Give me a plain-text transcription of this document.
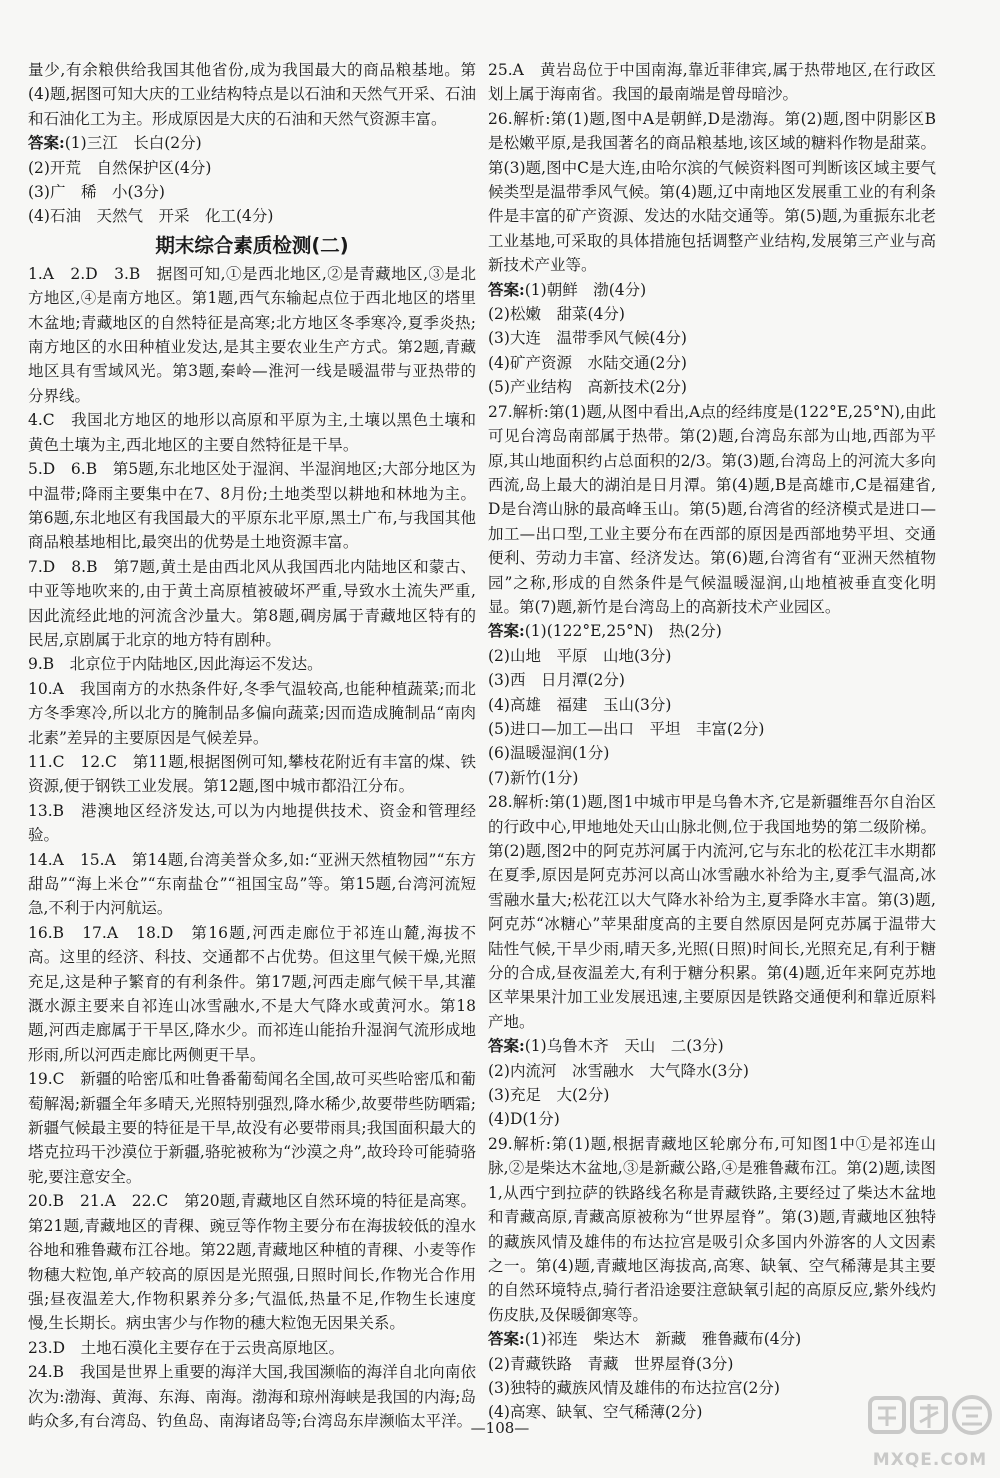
量少,有余粮供给我国其他省份,成为我国最大的商品粮基地。第(4)题,据图可知大庆的工业结构特点是以石油和天然气开采、石油和石油化工为主。形成原因是大庆的石油和天然气资源丰富。

答案:(1)三江　长白(2分)

(2)开荒　自然保护区(4分)

(3)广　稀　小(3分)

(4)石油　天然气　开采　化工(4分)

期末综合素质检测(二)

1.A　2.D　3.B　据图可知,①是西北地区,②是青藏地区,③是北方地区,④是南方地区。第1题,西气东输起点位于西北地区的塔里木盆地;青藏地区的自然特征是高寒;北方地区冬季寒冷,夏季炎热;南方地区的水田种植业发达,是其主要农业生产方式。第2题,青藏地区具有雪域风光。第3题,秦岭—淮河一线是暖温带与亚热带的分界线。

4.C　我国北方地区的地形以高原和平原为主,土壤以黑色土壤和黄色土壤为主,西北地区的主要自然特征是干旱。

5.D　6.B　第5题,东北地区处于湿润、半湿润地区;大部分地区为中温带;降雨主要集中在7、8月份;土地类型以耕地和林地为主。第6题,东北地区有我国最大的平原东北平原,黑土广布,与我国其他商品粮基地相比,最突出的优势是土地资源丰富。

7.D　8.B　第7题,黄土是由西北风从我国西北内陆地区和蒙古、中亚等地吹来的,由于黄土高原植被破坏严重,导致水土流失严重,因此流经此地的河流含沙量大。第8题,碉房属于青藏地区特有的民居,京剧属于北京的地方特有剧种。

9.B　北京位于内陆地区,因此海运不发达。

10.A　我国南方的水热条件好,冬季气温较高,也能种植蔬菜;而北方冬季寒冷,所以北方的腌制品多偏向蔬菜;因而造成腌制品“南肉北素”差异的主要原因是气候差异。

11.C　12.C　第11题,根据图例可知,攀枝花附近有丰富的煤、铁资源,便于钢铁工业发展。第12题,图中城市都沿江分布。

13.B　港澳地区经济发达,可以为内地提供技术、资金和管理经验。

14.A　15.A　第14题,台湾美誉众多,如:“亚洲天然植物园”“东方甜岛”“海上米仓”“东南盐仓”“祖国宝岛”等。第15题,台湾河流短急,不利于内河航运。

16.B　17.A　18.D　第16题,河西走廊位于祁连山麓,海拔不高。这里的经济、科技、交通都不占优势。但这里气候干燥,光照充足,这是种子繁育的有利条件。第17题,河西走廊气候干旱,其灌溉水源主要来自祁连山冰雪融水,不是大气降水或黄河水。第18题,河西走廊属于干旱区,降水少。而祁连山能抬升湿润气流形成地形雨,所以河西走廊比两侧更干旱。

19.C　新疆的哈密瓜和吐鲁番葡萄闻名全国,故可买些哈密瓜和葡萄解渴;新疆全年多晴天,光照特别强烈,降水稀少,故要带些防晒霜;新疆气候最主要的特征是干旱,故没有必要带雨具;我国面积最大的塔克拉玛干沙漠位于新疆,骆驼被称为“沙漠之舟”,故玲玲可能骑骆驼,要注意安全。

20.B　21.A　22.C　第20题,青藏地区自然环境的特征是高寒。第21题,青藏地区的青稞、豌豆等作物主要分布在海拔较低的湟水谷地和雅鲁藏布江谷地。第22题,青藏地区种植的青稞、小麦等作物穗大粒饱,单产较高的原因是光照强,日照时间长,作物光合作用强;昼夜温差大,作物积累养分多;气温低,热量不足,作物生长速度慢,生长期长。病虫害少与作物的穗大粒饱无因果关系。

23.D　土地石漠化主要存在于云贵高原地区。

24.B　我国是世界上重要的海洋大国,我国濒临的海洋自北向南依次为:渤海、黄海、东海、南海。渤海和琼州海峡是我国的内海;岛屿众多,有台湾岛、钓鱼岛、南海诸岛等;台湾岛东岸濒临太平洋。

25.A　黄岩岛位于中国南海,靠近菲律宾,属于热带地区,在行政区划上属于海南省。我国的最南端是曾母暗沙。

26.解析:第(1)题,图中A是朝鲜,D是渤海。第(2)题,图中阴影区B是松嫩平原,是我国著名的商品粮基地,该区域的糖料作物是甜菜。第(3)题,图中C是大连,由哈尔滨的气候资料图可判断该区域主要气候类型是温带季风气候。第(4)题,辽中南地区发展重工业的有利条件是丰富的矿产资源、发达的水陆交通等。第(5)题,为重振东北老工业基地,可采取的具体措施包括调整产业结构,发展第三产业与高新技术产业等。

答案:(1)朝鲜　渤(4分)

(2)松嫩　甜菜(4分)

(3)大连　温带季风气候(4分)

(4)矿产资源　水陆交通(2分)

(5)产业结构　高新技术(2分)

27.解析:第(1)题,从图中看出,A点的经纬度是(122°E,25°N),由此可见台湾岛南部属于热带。第(2)题,台湾岛东部为山地,西部为平原,其山地面积约占总面积的2/3。第(3)题,台湾岛上的河流大多向西流,岛上最大的湖泊是日月潭。第(4)题,B是高雄市,C是福建省,D是台湾山脉的最高峰玉山。第(5)题,台湾省的经济模式是进口—加工—出口型,工业主要分布在西部的原因是西部地势平坦、交通便利、劳动力丰富、经济发达。第(6)题,台湾省有“亚洲天然植物园”之称,形成的自然条件是气候温暖湿润,山地植被垂直变化明显。第(7)题,新竹是台湾岛上的高新技术产业园区。

答案:(1)(122°E,25°N)　热(2分)

(2)山地　平原　山地(3分)

(3)西　日月潭(2分)

(4)高雄　福建　玉山(3分)

(5)进口—加工—出口　平坦　丰富(2分)

(6)温暖湿润(1分)

(7)新竹(1分)

28.解析:第(1)题,图1中城市甲是乌鲁木齐,它是新疆维吾尔自治区的行政中心,甲地地处天山山脉北侧,位于我国地势的第二级阶梯。第(2)题,图2中的阿克苏河属于内流河,它与东北的松花江丰水期都在夏季,原因是阿克苏河以高山冰雪融水补给为主,夏季气温高,冰雪融水量大;松花江以大气降水补给为主,夏季降水丰富。第(3)题,阿克苏“冰糖心”苹果甜度高的主要自然原因是阿克苏属于温带大陆性气候,干旱少雨,晴天多,光照(日照)时间长,光照充足,有利于糖分的合成,昼夜温差大,有利于糖分积累。第(4)题,近年来阿克苏地区苹果果汁加工业发展迅速,主要原因是铁路交通便利和靠近原料产地。

答案:(1)乌鲁木齐　天山　二(3分)

(2)内流河　冰雪融水　大气降水(3分)

(3)充足　大(2分)

(4)D(1分)

29.解析:第(1)题,根据青藏地区轮廓分布,可知图1中①是祁连山脉,②是柴达木盆地,③是新藏公路,④是雅鲁藏布江。第(2)题,读图1,从西宁到拉萨的铁路线名称是青藏铁路,主要经过了柴达木盆地和青藏高原,青藏高原被称为“世界屋脊”。第(3)题,青藏地区独特的藏族风情及雄伟的布达拉宫是吸引众多国内外游客的人文因素之一。第(4)题,青藏地区海拔高,高寒、缺氧、空气稀薄是其主要的自然环境特点,骑行者沿途要注意缺氧引起的高原反应,紫外线灼伤皮肤,及保暖御寒等。

答案:(1)祁连　柴达木　新藏　雅鲁藏布(4分)

(2)青藏铁路　青藏　世界屋脊(3分)

(3)独特的藏族风情及雄伟的布达拉宫(2分)

(4)高寒、缺氧、空气稀薄(2分)

—108—
MXQE.COM
